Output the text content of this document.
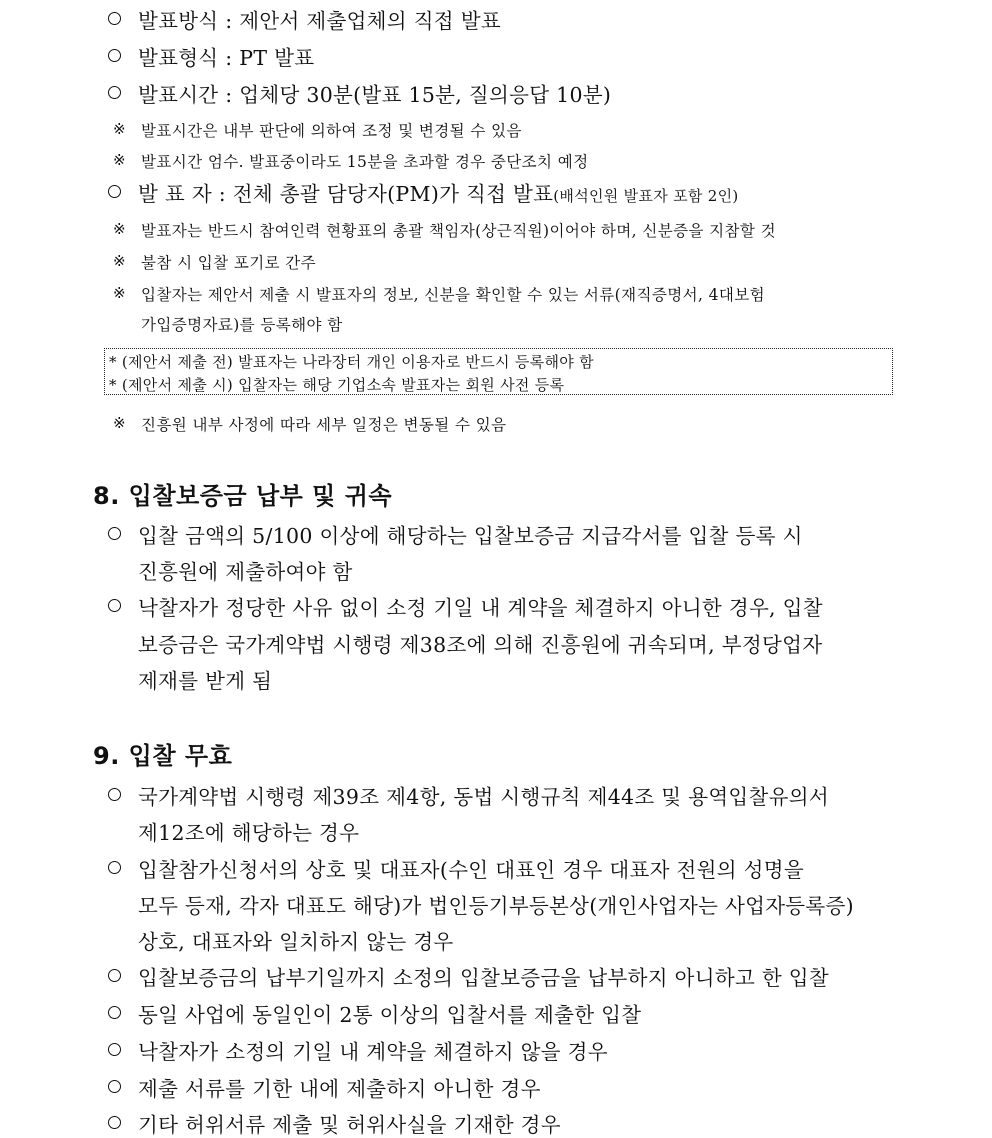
발표방식 : 제안서 제출업체의 직접 발표
발표형식 : PT 발표
발표시간 : 업체당 30분(발표 15분, 질의응답 10분)
※ 발표시간은 내부 판단에 의하여 조정 및 변경될 수 있음
※ 발표시간 엄수. 발표중이라도 15분을 초과할 경우 중단조치 예정
발 표 자 : 전체 총괄 담당자(PM)가 직접 발표(배석인원 발표자 포함 2인)
※ 발표자는 반드시 참여인력 현황표의 총괄 책임자(상근직원)이어야 하며, 신분증을 지참할 것
※ 불참 시 입찰 포기로 간주
※ 입찰자는 제안서 제출 시 발표자의 정보, 신분을 확인할 수 있는 서류(재직증명서, 4대보험
가입증명자료)를 등록해야 함
* (제안서 제출 전) 발표자는 나라장터 개인 이용자로 반드시 등록해야 함
* (제안서 제출 시) 입찰자는 해당 기업소속 발표자는 회원 사전 등록
※ 진흥원 내부 사정에 따라 세부 일정은 변동될 수 있음
8. 입찰보증금 납부 및 귀속
입찰 금액의 5/100 이상에 해당하는 입찰보증금 지급각서를 입찰 등록 시
진흥원에 제출하여야 함
낙찰자가 정당한 사유 없이 소정 기일 내 계약을 체결하지 아니한 경우, 입찰
보증금은 국가계약법 시행령 제38조에 의해 진흥원에 귀속되며, 부정당업자
제재를 받게 됨
9. 입찰 무효
국가계약법 시행령 제39조 제4항, 동법 시행규칙 제44조 및 용역입찰유의서
제12조에 해당하는 경우
입찰참가신청서의 상호 및 대표자(수인 대표인 경우 대표자 전원의 성명을
모두 등재, 각자 대표도 해당)가 법인등기부등본상(개인사업자는 사업자등록증)
상호, 대표자와 일치하지 않는 경우
입찰보증금의 납부기일까지 소정의 입찰보증금을 납부하지 아니하고 한 입찰
동일 사업에 동일인이 2통 이상의 입찰서를 제출한 입찰
낙찰자가 소정의 기일 내 계약을 체결하지 않을 경우
제출 서류를 기한 내에 제출하지 아니한 경우
기타 허위서류 제출 및 허위사실을 기재한 경우
